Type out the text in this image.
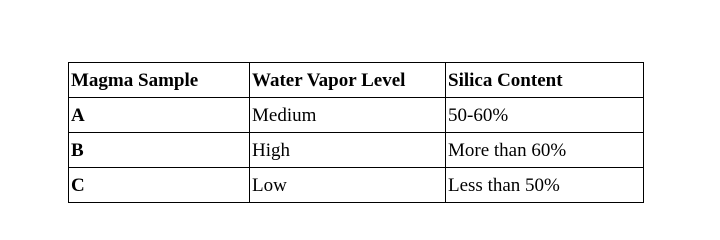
Magma Sample	Water Vapor Level	Silica Content
A	Medium	50-60%
B	High	More than 60%
C	Low	Less than 50%
